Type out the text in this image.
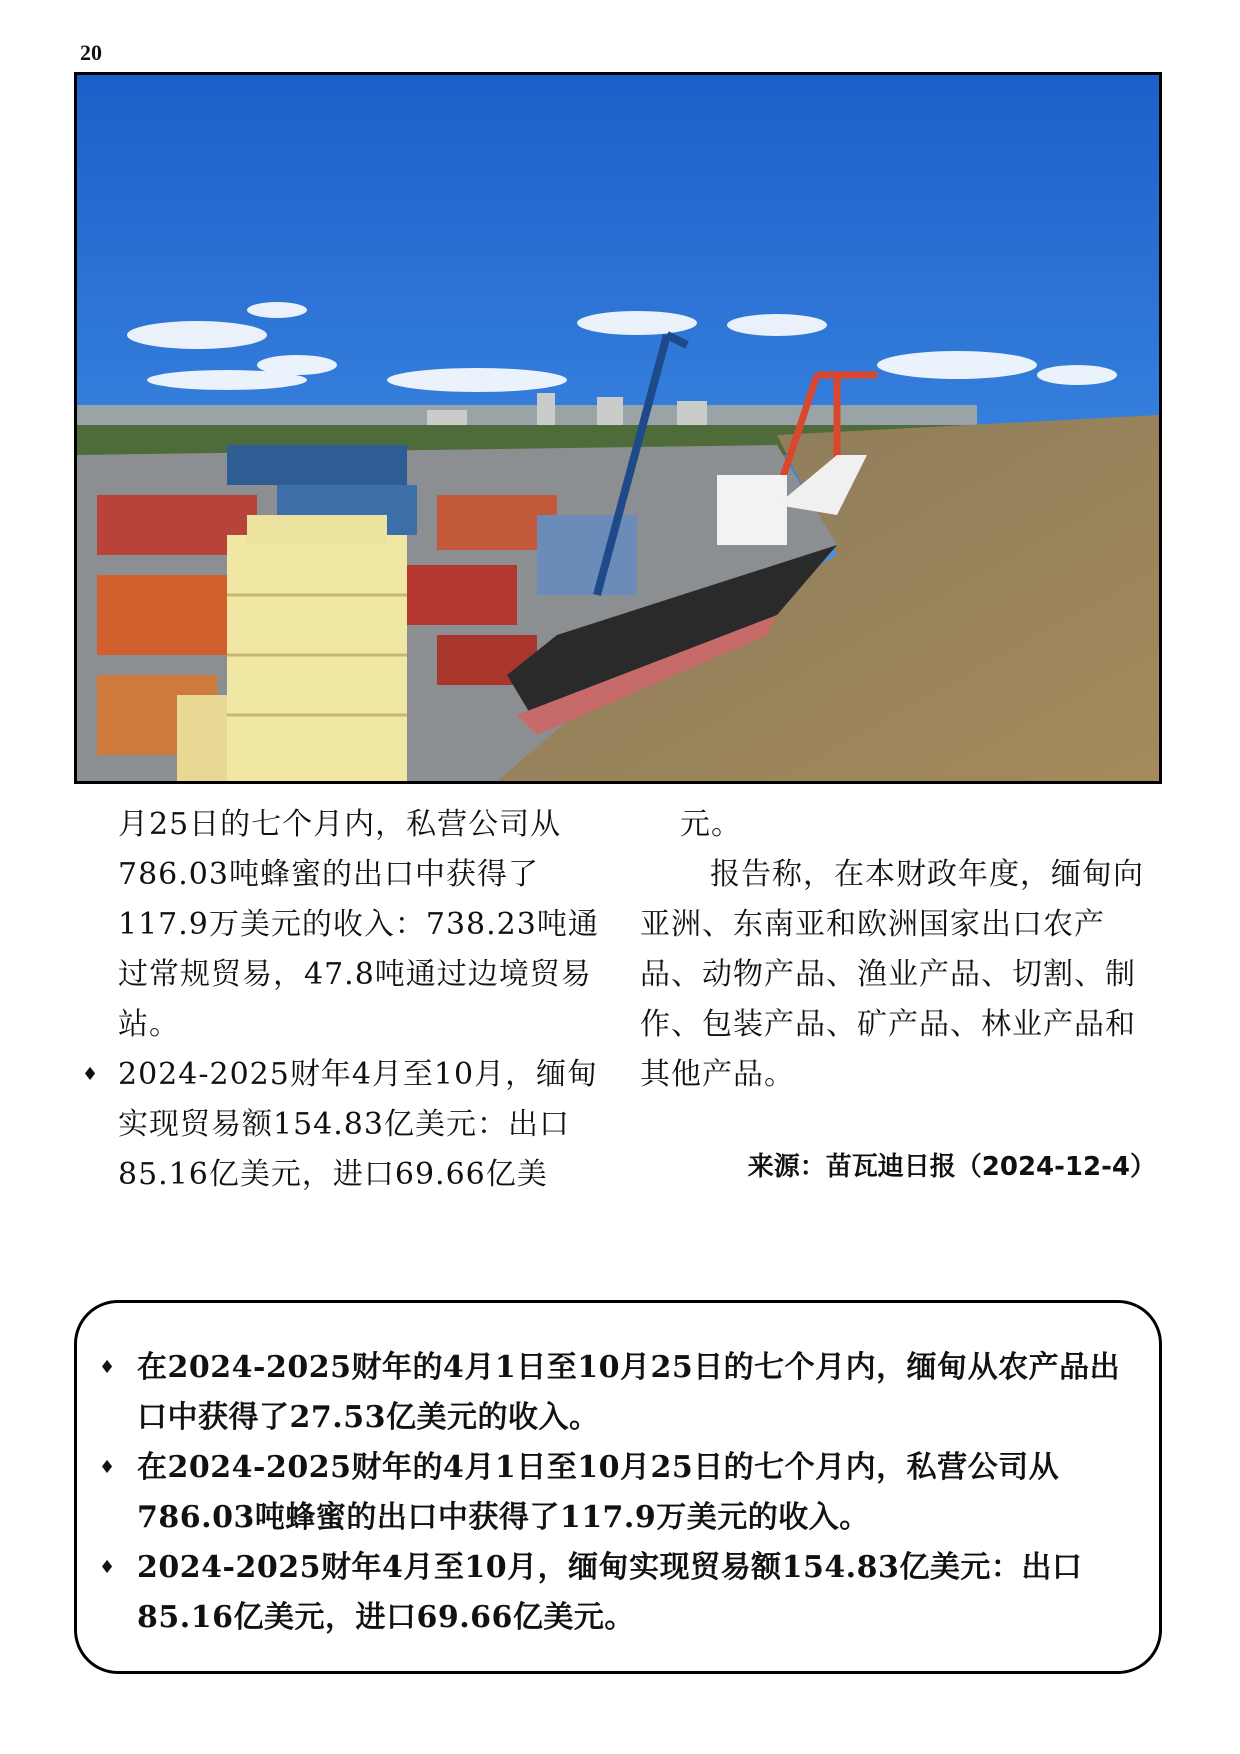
20

月25日的七个月内，私营公司从786.03吨蜂蜜的出口中获得了117.9万美元的收入：738.23吨通过常规贸易，47.8吨通过边境贸易站。

♦ 2024-2025财年4月至10月，缅甸实现贸易额154.83亿美元：出口85.16亿美元，进口69.66亿美

元。

报告称，在本财政年度，缅甸向亚洲、东南亚和欧洲国家出口农产品、动物产品、渔业产品、切割、制作、包装产品、矿产品、林业产品和其他产品。

来源：苗瓦迪日报（2024-12-4）
♦ 在2024-2025财年的4月1日至10月25日的七个月内，缅甸从农产品出口中获得了27.53亿美元的收入。
♦ 在2024-2025财年的4月1日至10月25日的七个月内，私营公司从786.03吨蜂蜜的出口中获得了117.9万美元的收入。
♦ 2024-2025财年4月至10月，缅甸实现贸易额154.83亿美元：出口85.16亿美元，进口69.66亿美元。
